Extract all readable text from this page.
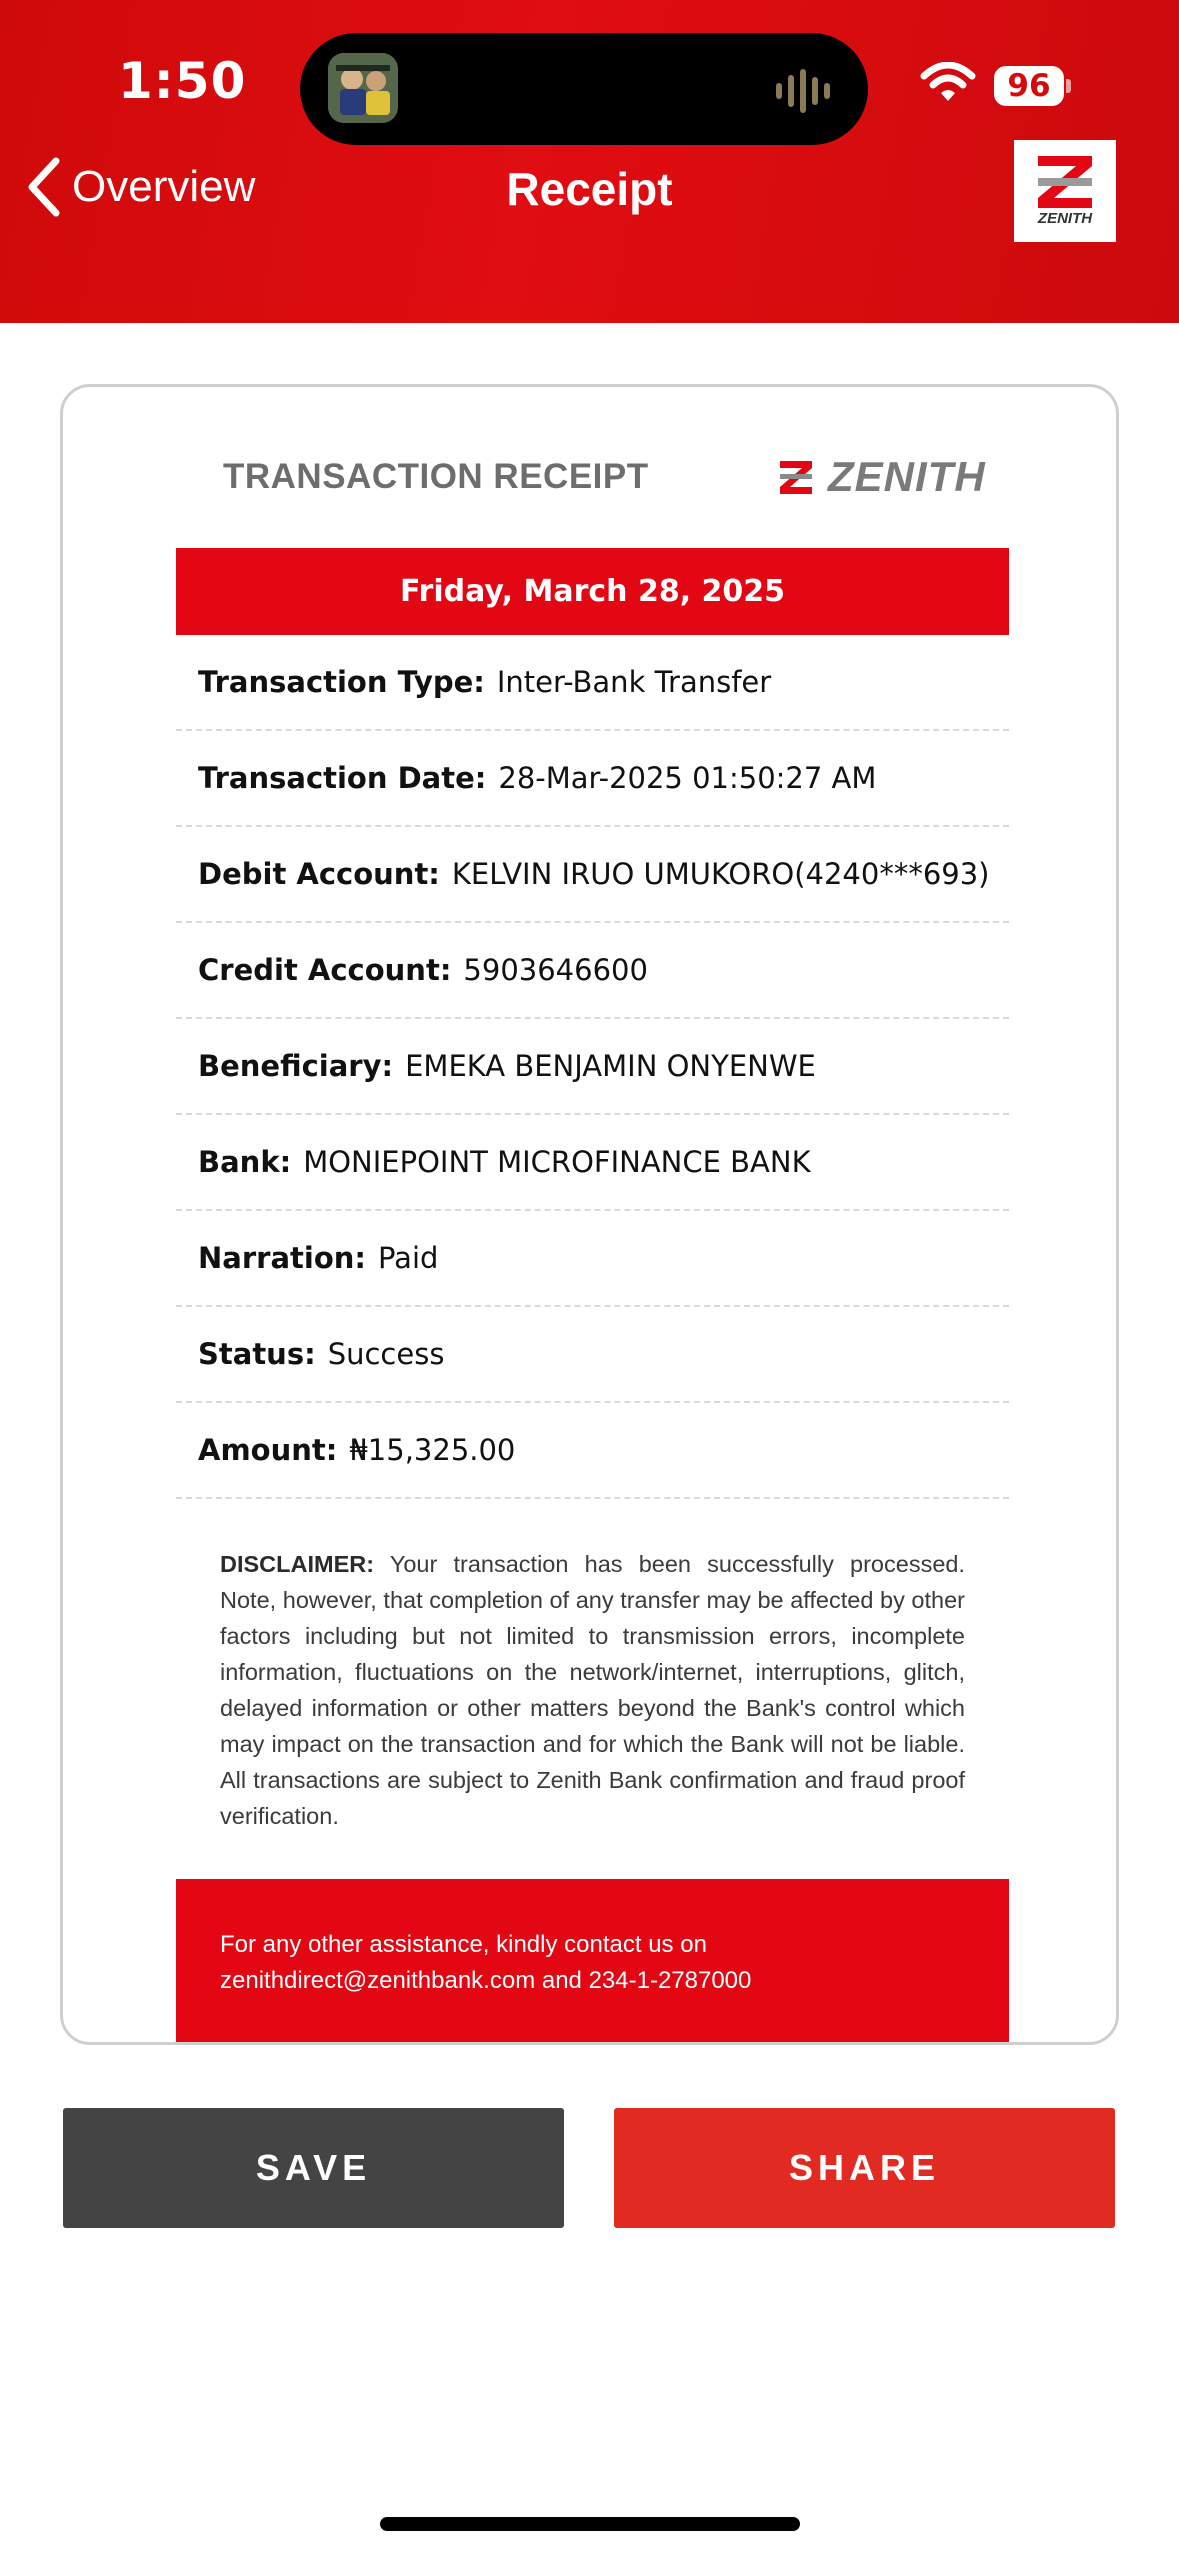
1:50	96
Overview	Receipt
ZENITH
TRANSACTION RECEIPT	ZENITH
Friday, March 28, 2025
Transaction Type: Inter-Bank Transfer
Transaction Date: 28-Mar-2025 01:50:27 AM
Debit Account: KELVIN IRUO UMUKORO(4240***693)
Credit Account: 5903646600
Beneficiary: EMEKA BENJAMIN ONYENWE
Bank: MONIEPOINT MICROFINANCE BANK
Narration: Paid
Status: Success
Amount: ₦15,325.00
DISCLAIMER: Your transaction has been successfully processed. Note, however, that completion of any transfer may be affected by other factors including but not limited to transmission errors, incomplete information, fluctuations on the network/internet, interruptions, glitch, delayed information or other matters beyond the Bank's control which may impact on the transaction and for which the Bank will not be liable. All transactions are subject to Zenith Bank confirmation and fraud proof verification.
For any other assistance, kindly contact us on
zenithdirect@zenithbank.com and 234-1-2787000
SAVE	SHARE
